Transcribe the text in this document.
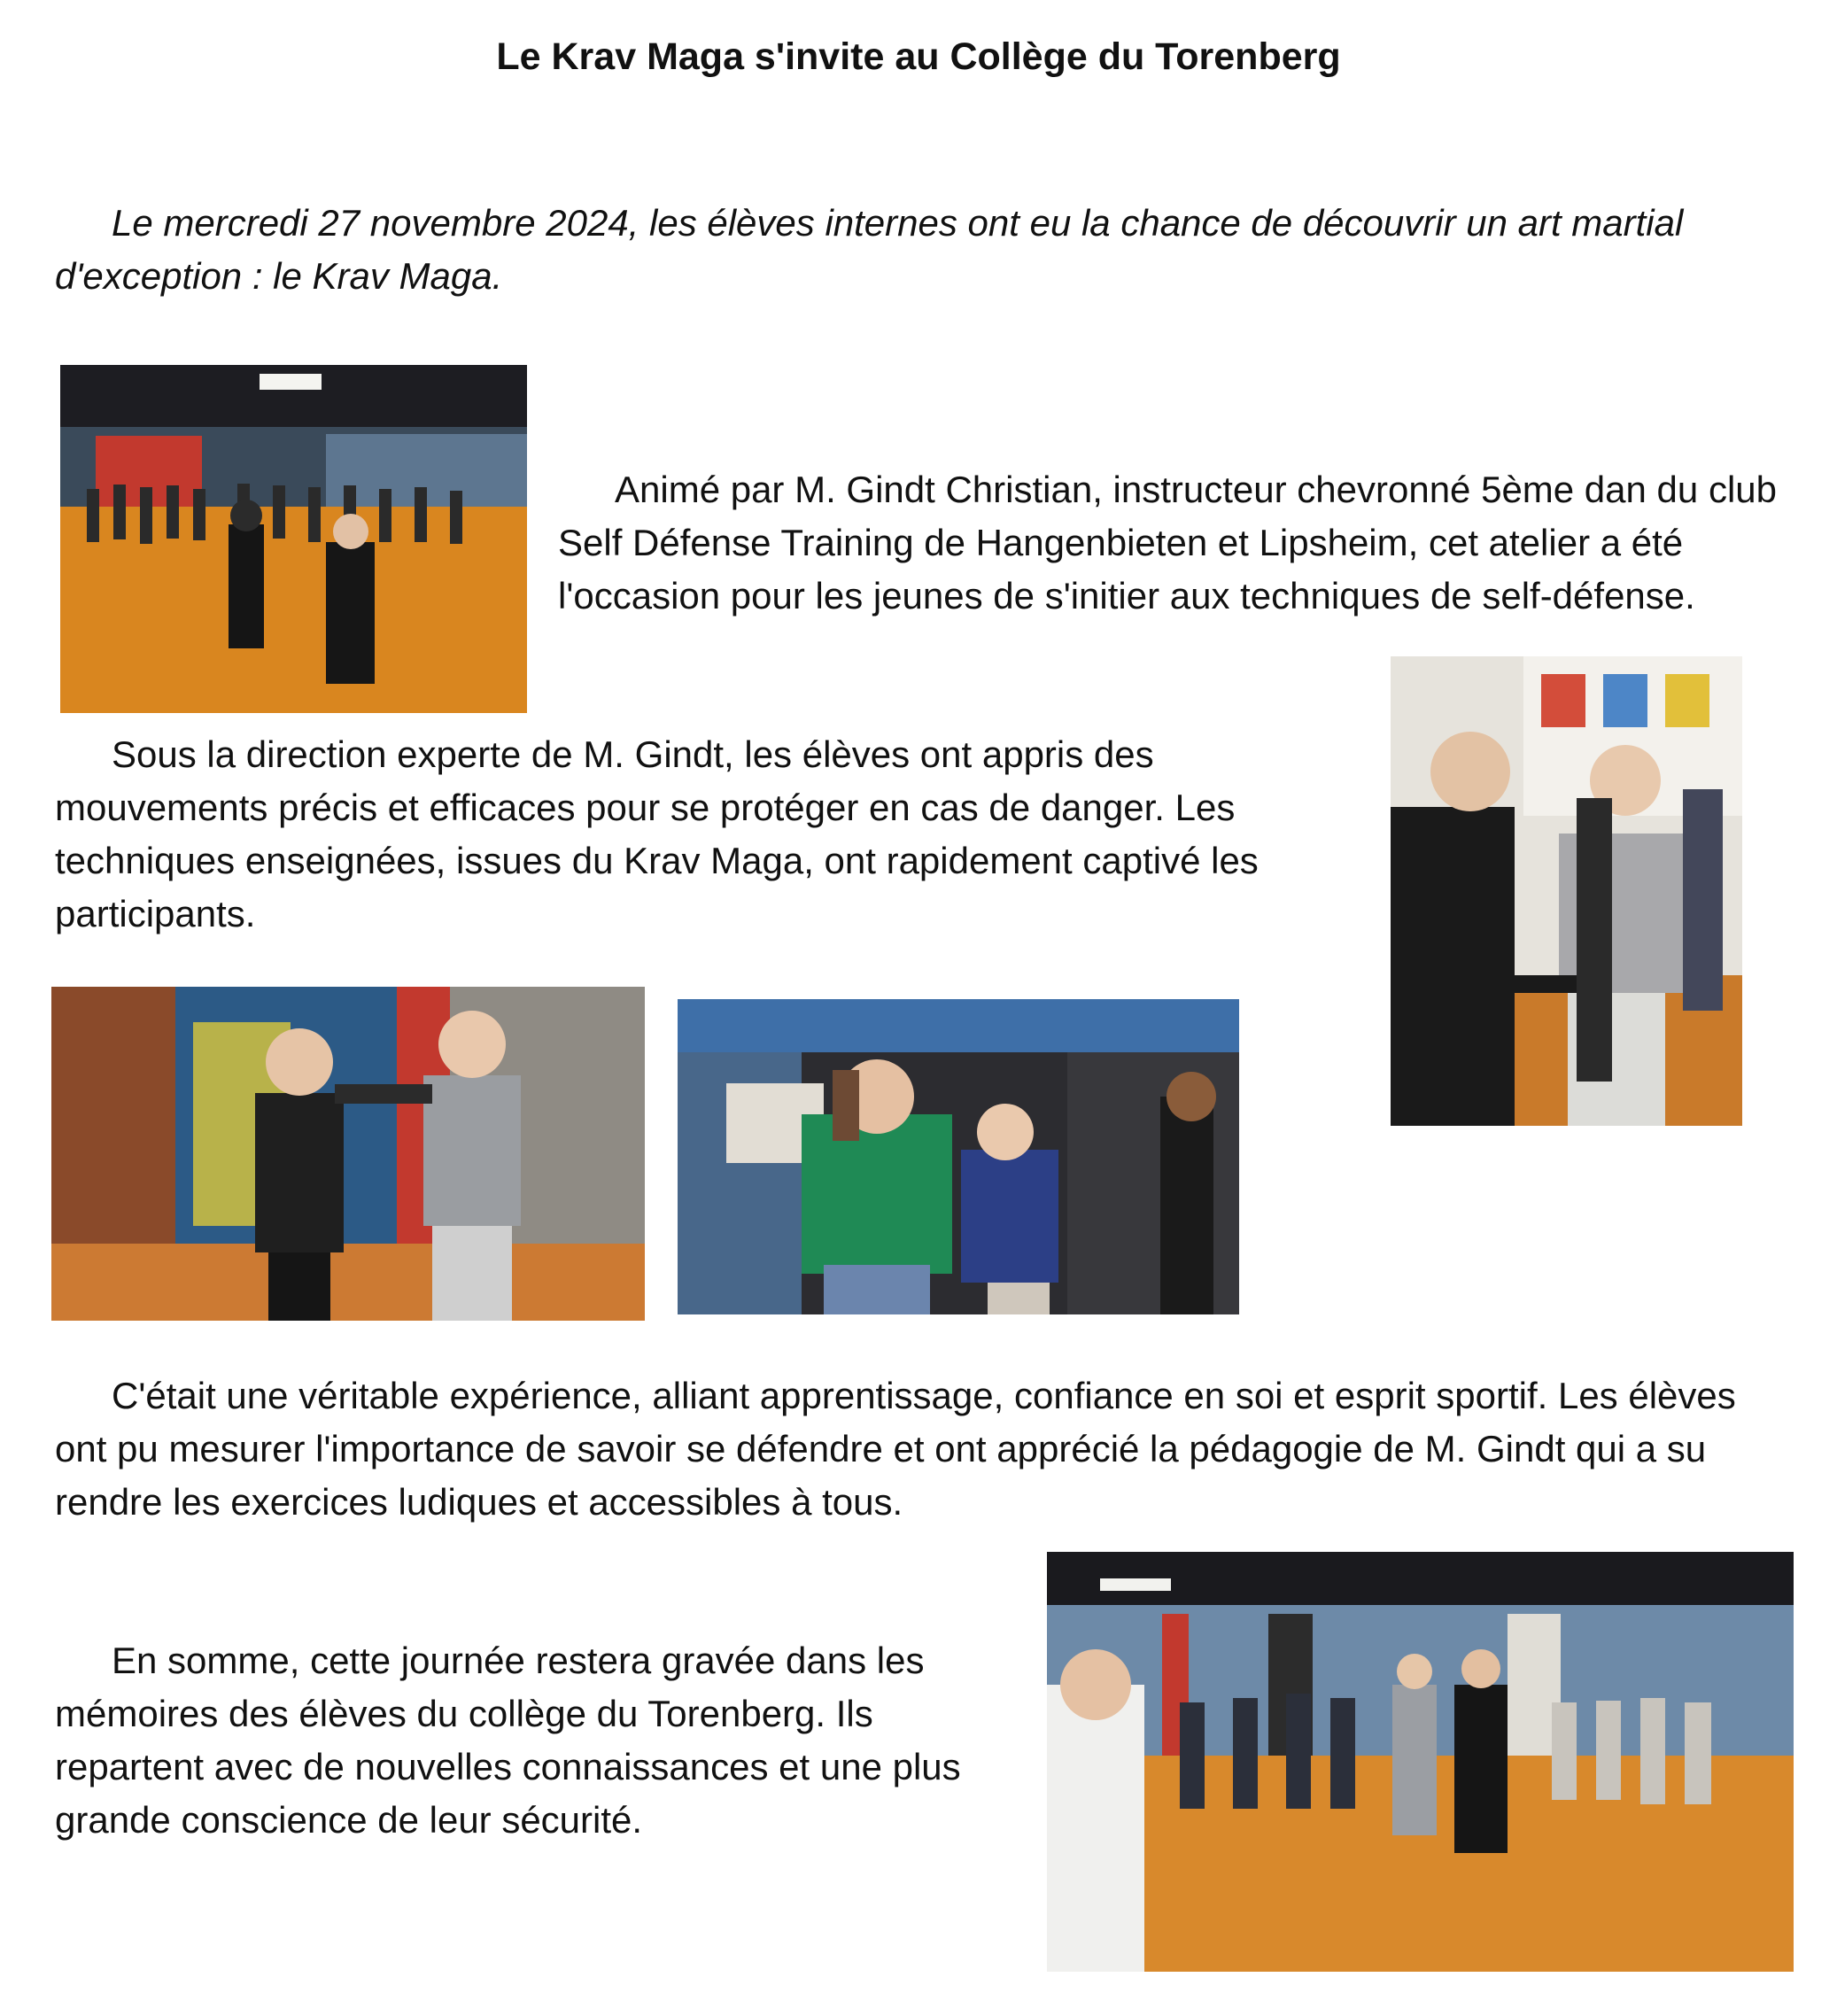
Le Krav Maga s'invite au Collège du Torenberg

Le mercredi 27 novembre 2024, les élèves internes ont eu la chance de découvrir un art martial d'exception : le Krav Maga.

Animé par M. Gindt Christian, instructeur chevronné 5ème dan du club Self Défense Training de Hangenbieten et Lipsheim, cet atelier a été l'occasion pour les jeunes de s'initier aux techniques de self-défense.

Sous la direction experte de M. Gindt, les élèves ont appris des mouvements précis et efficaces pour se protéger en cas de danger. Les techniques enseignées, issues du Krav Maga, ont rapidement captivé les participants.

C'était une véritable expérience, alliant apprentissage, confiance en soi et esprit sportif. Les élèves ont pu mesurer l'importance de savoir se défendre et ont apprécié la pédagogie de M. Gindt qui a su rendre les exercices ludiques et accessibles à tous.

En somme, cette journée restera gravée dans les mémoires des élèves du collège du Torenberg. Ils repartent avec de nouvelles connaissances et une plus grande conscience de leur sécurité.
